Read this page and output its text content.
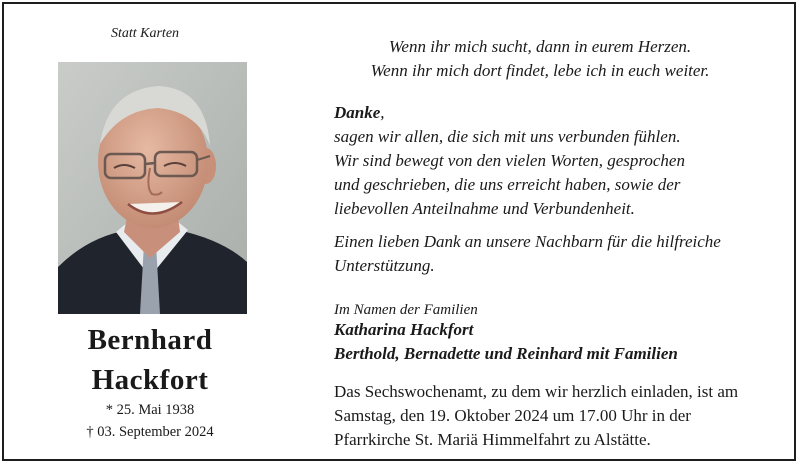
Statt Karten
Bernhard
Hackfort
* 25. Mai 1938
† 03. September 2024
Wenn ihr mich sucht, dann in eurem Herzen.
Wenn ihr mich dort findet, lebe ich in euch weiter.
Danke,
sagen wir allen, die sich mit uns verbunden fühlen.
Wir sind bewegt von den vielen Worten, gesprochen
und geschrieben, die uns erreicht haben, sowie der
liebevollen Anteilnahme und Verbundenheit.
Einen lieben Dank an unsere Nachbarn für die hilfreiche
Unterstützung.
Im Namen der Familien
Katharina Hackfort
Berthold, Bernadette und Reinhard mit Familien
Das Sechswochenamt, zu dem wir herzlich einladen, ist am
Samstag, den 19. Oktober 2024 um 17.00 Uhr in der
Pfarrkirche St. Mariä Himmelfahrt zu Alstätte.
